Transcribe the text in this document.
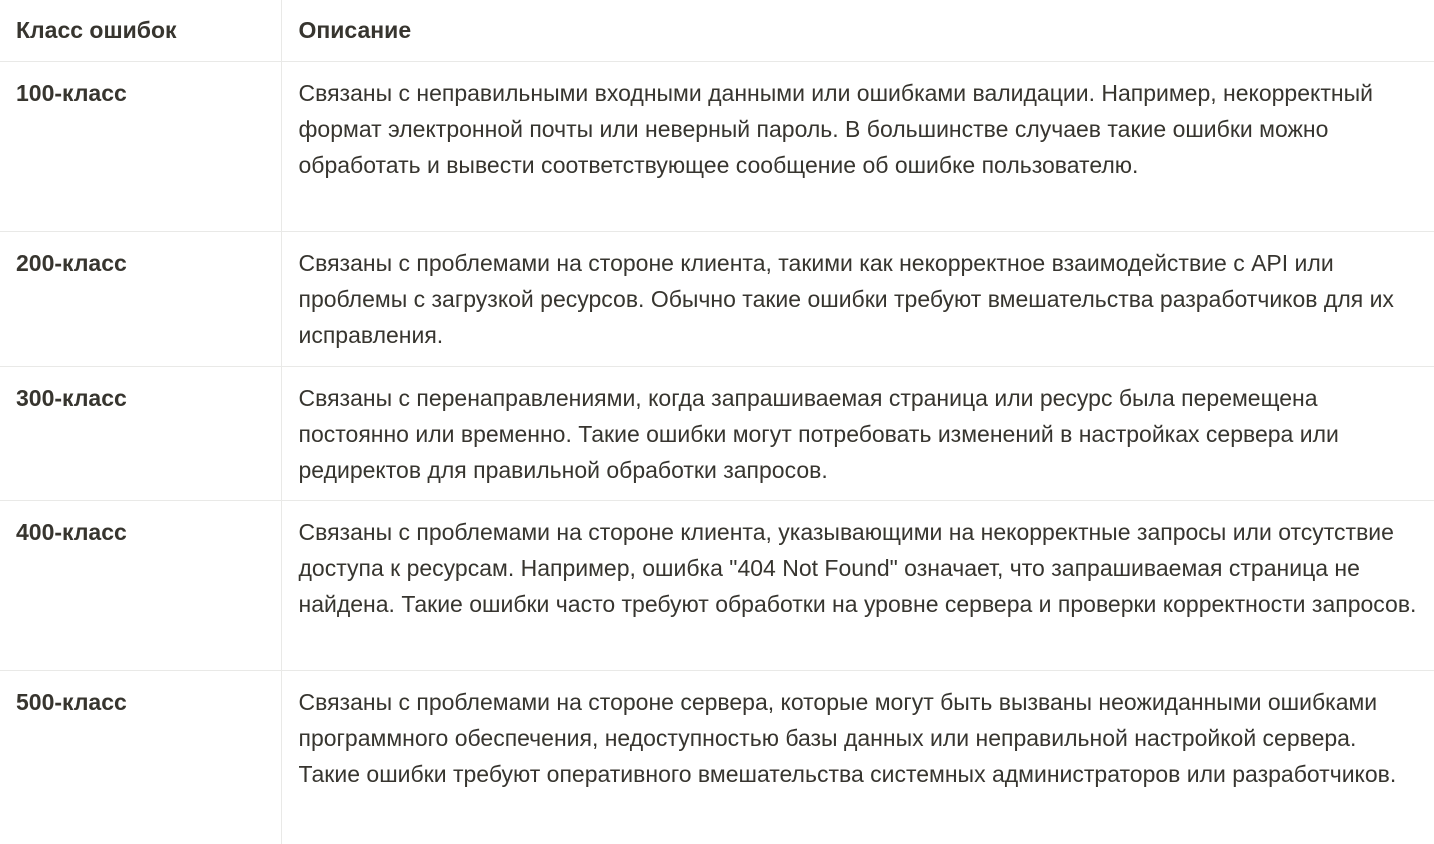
Класс ошибок	Описание
100-класс	Связаны с неправильными входными данными или ошибками валидации. Например, некорректный формат электронной почты или неверный пароль. В большинстве случаев такие ошибки можно обработать и вывести соответствующее сообщение об ошибке пользователю.
200-класс	Связаны с проблемами на стороне клиента, такими как некорректное взаимодействие с API или проблемы с загрузкой ресурсов. Обычно такие ошибки требуют вмешательства разработчиков для их исправления.
300-класс	Связаны с перенаправлениями, когда запрашиваемая страница или ресурс была перемещена постоянно или временно. Такие ошибки могут потребовать изменений в настройках сервера или редиректов для правильной обработки запросов.
400-класс	Связаны с проблемами на стороне клиента, указывающими на некорректные запросы или отсутствие доступа к ресурсам. Например, ошибка "404 Not Found" означает, что запрашиваемая страница не найдена. Такие ошибки часто требуют обработки на уровне сервера и проверки корректности запросов.
500-класс	Связаны с проблемами на стороне сервера, которые могут быть вызваны неожиданными ошибками программного обеспечения, недоступностью базы данных или неправильной настройкой сервера. Такие ошибки требуют оперативного вмешательства системных администраторов или разработчиков.
